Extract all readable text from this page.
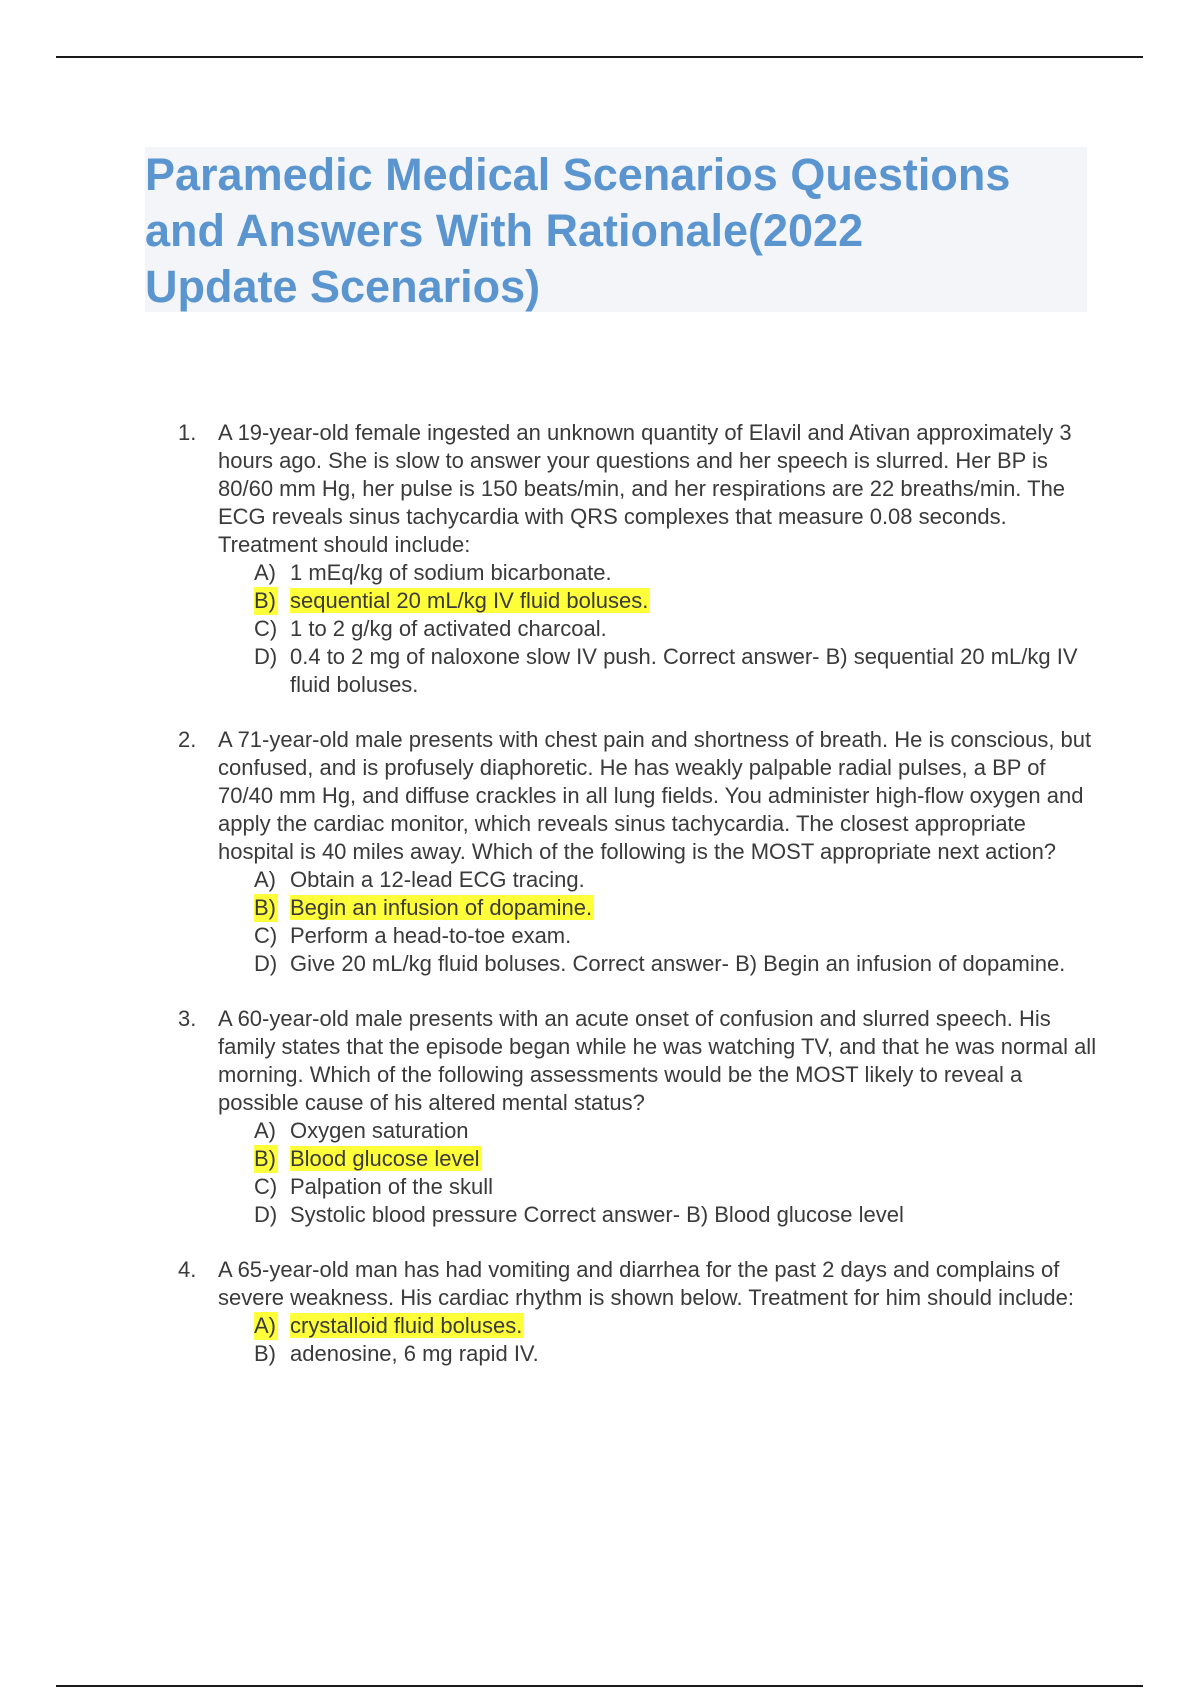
Paramedic Medical Scenarios Questions
and Answers With Rationale(2022
Update Scenarios)
1. A 19-year-old female ingested an unknown quantity of Elavil and Ativan approximately 3 hours ago. She is slow to answer your questions and her speech is slurred. Her BP is 80/60 mm Hg, her pulse is 150 beats/min, and her respirations are 22 breaths/min. The ECG reveals sinus tachycardia with QRS complexes that measure 0.08 seconds. Treatment should include:
A) 1 mEq/kg of sodium bicarbonate.
B) sequential 20 mL/kg IV fluid boluses.
C) 1 to 2 g/kg of activated charcoal.
D) 0.4 to 2 mg of naloxone slow IV push. Correct answer- B) sequential 20 mL/kg IV fluid boluses.
2. A 71-year-old male presents with chest pain and shortness of breath. He is conscious, but confused, and is profusely diaphoretic. He has weakly palpable radial pulses, a BP of 70/40 mm Hg, and diffuse crackles in all lung fields. You administer high-flow oxygen and apply the cardiac monitor, which reveals sinus tachycardia. The closest appropriate hospital is 40 miles away. Which of the following is the MOST appropriate next action?
A) Obtain a 12-lead ECG tracing.
B) Begin an infusion of dopamine.
C) Perform a head-to-toe exam.
D) Give 20 mL/kg fluid boluses. Correct answer- B) Begin an infusion of dopamine.
3. A 60-year-old male presents with an acute onset of confusion and slurred speech. His family states that the episode began while he was watching TV, and that he was normal all morning. Which of the following assessments would be the MOST likely to reveal a possible cause of his altered mental status?
A) Oxygen saturation
B) Blood glucose level
C) Palpation of the skull
D) Systolic blood pressure Correct answer- B) Blood glucose level
4. A 65-year-old man has had vomiting and diarrhea for the past 2 days and complains of severe weakness. His cardiac rhythm is shown below. Treatment for him should include:
A) crystalloid fluid boluses.
B) adenosine, 6 mg rapid IV.
